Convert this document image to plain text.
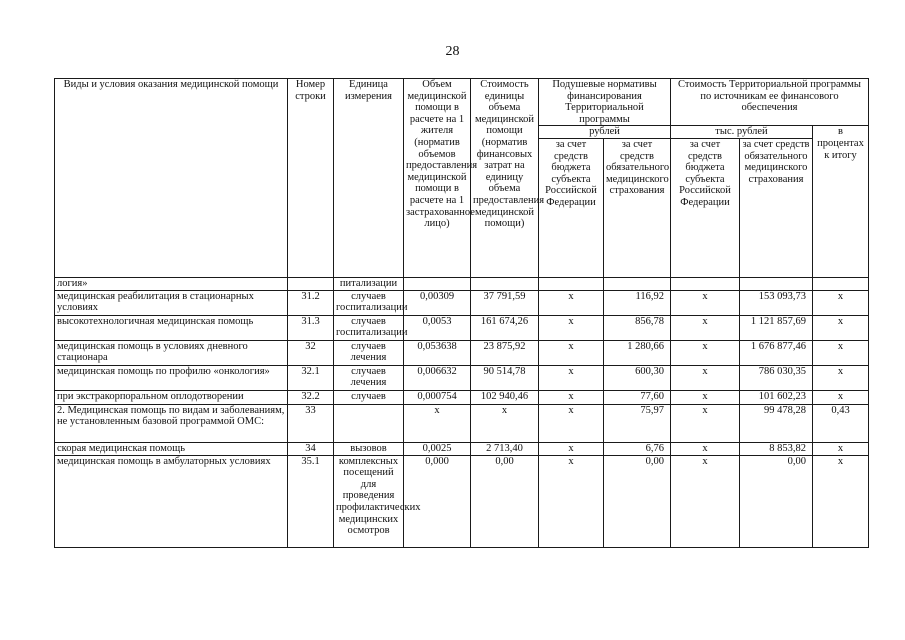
28
Виды и условия оказания медицинской помощи	Номер строки	Единица измерения	Объем медицинской помощи в расчете на 1 жителя (норматив объемов предоставления медицинской помощи в расчете на 1 застрахованное лицо)	Стоимость единицы объема медицинской помощи (норматив финансовых затрат на единицу объема предоставления медицинской помощи)	Подушевые нормативы финансирования Территориальной программы		Стоимость Территориальной программы по источникам ее финансового обеспечения		
					рублей		тыс. рублей		в процентах к итогу
					за счет средств бюджета субъекта Российской Федерации	за счет средств обязательного медицинского страхования	за счет средств бюджета субъекта Российской Федерации	за счет средств обязательного медицинского страхования	
логия»		питализации							
медицинская реабилитация в стационарных условиях	31.2	случаев госпитализации	0,00309	37 791,59	x	116,92	x	153 093,73	x
высокотехнологичная медицинская помощь	31.3	случаев госпитализации	0,0053	161 674,26	x	856,78	x	1 121 857,69	x
медицинская помощь в условиях дневного стационара	32	случаев лечения	0,053638	23 875,92	x	1 280,66	x	1 676 877,46	x
медицинская помощь по профилю «онкология»	32.1	случаев лечения	0,006632	90 514,78	x	600,30	x	786 030,35	x
при экстракорпоральном оплодотворении	32.2	случаев	0,000754	102 940,46	x	77,60	x	101 602,23	x
2. Медицинская помощь по видам и заболеваниям, не установленным базовой программой ОМС:	33		x	x	x	75,97	x	99 478,28	0,43
скорая медицинская помощь	34	вызовов	0,0025	2 713,40	x	6,76	x	8 853,82	x
медицинская помощь в амбулаторных условиях	35.1	комплексных посещений для проведения профилактических медицинских осмотров	0,000	0,00	x	0,00	x	0,00	x
